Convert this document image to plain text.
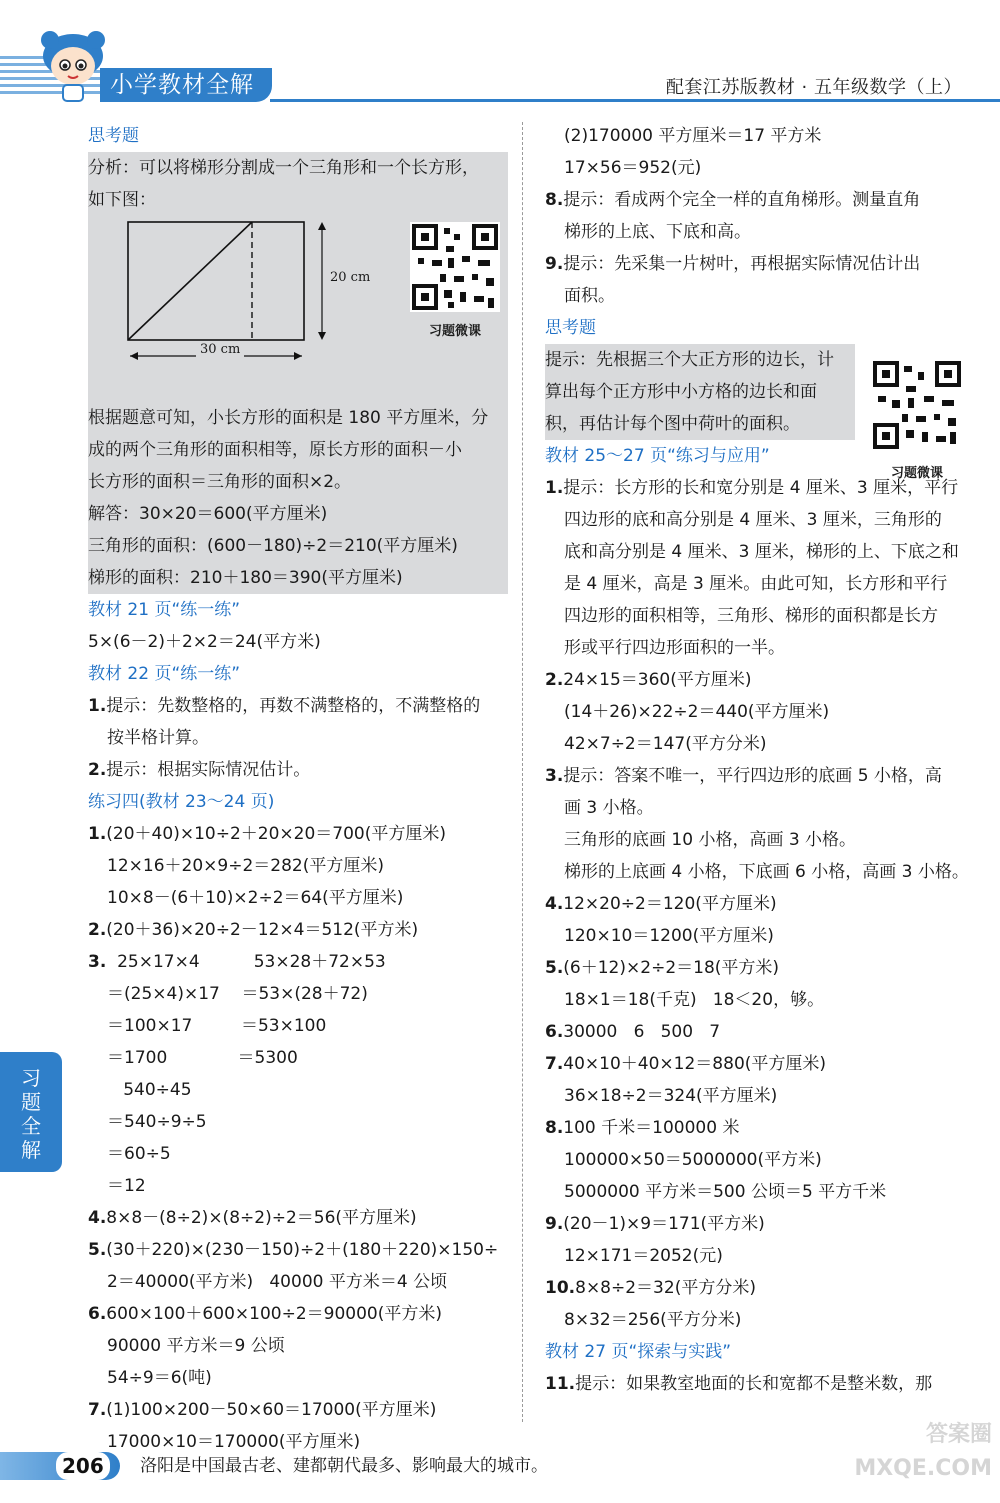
小学教材全解	配套江苏版教材 · 五年级数学（上）
思考题
分析：可以将梯形分割成一个三角形和一个长方形，
如下图：
根据题意可知，小长方形的面积是 180 平方厘米，分
成的两个三角形的面积相等，原长方形的面积－小
长方形的面积＝三角形的面积×2。
解答：30×20＝600(平方厘米)
三角形的面积：(600－180)÷2＝210(平方厘米)
梯形的面积：210＋180＝390(平方厘米)
教材 21 页“练一练”
5×(6－2)＋2×2＝24(平方米)
教材 22 页“练一练”
1.提示：先数整格的，再数不满整格的，不满整格的
按半格计算。
2.提示：根据实际情况估计。
练习四(教材 23～24 页)
1.(20＋40)×10÷2＋20×20＝700(平方厘米)
12×16＋20×9÷2＝282(平方厘米)
10×8－(6＋10)×2÷2＝64(平方厘米)
2.(20＋36)×20÷2－12×4＝512(平方米)
3.  25×17×4          53×28＋72×53
＝(25×4)×17    ＝53×(28＋72)
＝100×17         ＝53×100
＝1700             ＝5300
540÷45
＝540÷9÷5
＝60÷5
＝12
4.8×8－(8÷2)×(8÷2)÷2＝56(平方厘米)
5.(30＋220)×(230－150)÷2＋(180＋220)×150÷
2＝40000(平方米)   40000 平方米＝4 公顷
6.600×100＋600×100÷2＝90000(平方米)
90000 平方米＝9 公顷
54÷9＝6(吨)
7.(1)100×200－50×60＝17000(平方厘米)
17000×10＝170000(平方厘米)
20 cm
30 cm
习题微课
(2)170000 平方厘米＝17 平方米
17×56＝952(元)
8.提示：看成两个完全一样的直角梯形。测量直角
梯形的上底、下底和高。
9.提示：先采集一片树叶，再根据实际情况估计出
面积。
思考题
提示：先根据三个大正方形的边长，计
算出每个正方形中小方格的边长和面
积，再估计每个图中荷叶的面积。
教材 25～27 页“练习与应用”
1.提示：长方形的长和宽分别是 4 厘米、3 厘米，平行
四边形的底和高分别是 4 厘米、3 厘米，三角形的
底和高分别是 4 厘米、3 厘米，梯形的上、下底之和
是 4 厘米，高是 3 厘米。由此可知，长方形和平行
四边形的面积相等，三角形、梯形的面积都是长方
形或平行四边形面积的一半。
2.24×15＝360(平方厘米)
(14＋26)×22÷2＝440(平方厘米)
42×7÷2＝147(平方分米)
3.提示：答案不唯一，平行四边形的底画 5 小格，高
画 3 小格。
三角形的底画 10 小格，高画 3 小格。
梯形的上底画 4 小格，下底画 6 小格，高画 3 小格。
4.12×20÷2＝120(平方厘米)
120×10＝1200(平方厘米)
5.(6＋12)×2÷2＝18(平方米)
18×1＝18(千克)   18＜20，够。
6.30000   6   500   7
7.40×10＋40×12＝880(平方厘米)
36×18÷2＝324(平方厘米)
8.100 千米＝100000 米
100000×50＝5000000(平方米)
5000000 平方米＝500 公顷＝5 平方千米
9.(20－1)×9＝171(平方米)
12×171＝2052(元)
10.8×8÷2＝32(平方分米)
8×32＝256(平方分米)
教材 27 页“探索与实践”
11.提示：如果教室地面的长和宽都不是整米数，那
习题微课
习
题
全
解
206	洛阳是中国最古老、建都朝代最多、影响最大的城市。
答案圈 MXQE.COM
